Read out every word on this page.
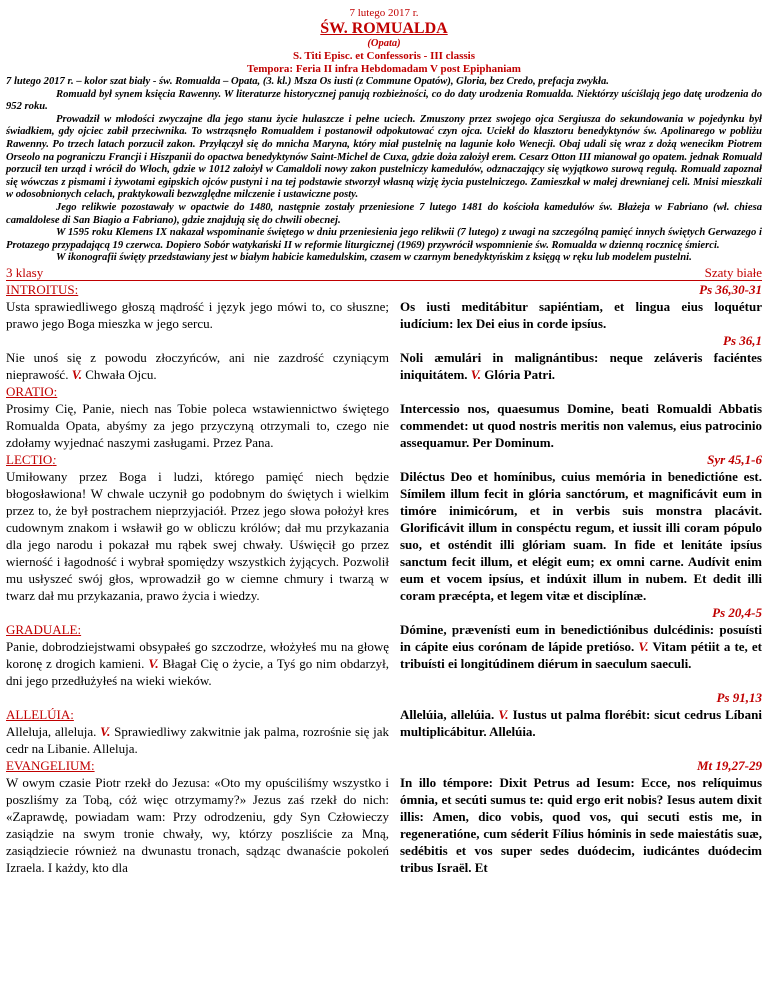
7 lutego 2017 r.
ŚW. ROMUALDA
(Opata)
S. Titi Episc. et Confessoris - III classis
Tempora: Feria II infra Hebdomadam V post Epiphaniam

7 lutego 2017 r. – kolor szat biały - św. Romualda – Opata, (3. kl.) Msza Os iusti (z Commune Opatów), Gloria, bez Credo, prefacja zwykła.

Romuald był synem księcia Rawenny. W literaturze historycznej panują rozbieżności, co do daty urodzenia Romualda. Niektórzy uściślają jego datę urodzenia do 952 roku.

Prowadził w młodości zwyczajne dla jego stanu życie hulaszcze i pełne uciech. Zmuszony przez swojego ojca Sergiusza do sekundowania w pojedynku był świadkiem, gdy ojciec zabił przeciwnika. To wstrząsnęło Romualdem i postanowił odpokutować czyn ojca. Uciekł do klasztoru benedyktynów św. Apolinarego w pobliżu Rawenny. Po trzech latach porzucił zakon. Przyłączył się do mnicha Maryna, który miał pustelnię na lagunie koło Wenecji. Obaj udali się wraz z dożą wenecikm Piotrem Orseolo na pograniczu Francji i Hiszpanii do opactwa benedyktynów Saint-Michel de Cuxa, gdzie doża założył erem. Cesarz Otton III mianował go opatem. jednak Romuald porzucił ten urząd i wrócił do Włoch, gdzie w 1012 założył w Camaldoli nowy zakon pustelniczy kamedułów, odznaczający się wyjątkowo surową regułą. Romuald zapoznał się wówczas z pismami i żywotami egipskich ojców pustyni i na tej podstawie stworzył własną wizję życia pustelniczego. Zamieszkał w małej drewnianej celi. Mnisi mieszkali w odosobnionych celach, praktykowali bezwzględne milczenie i ustawiczne posty.

Jego relikwie pozostawały w opactwie do 1480, następnie zostały przeniesione 7 lutego 1481 do kościoła kamedułów św. Błażeja w Fabriano (wł. chiesa camaldolese di San Biagio a Fabriano), gdzie znajdują się do chwili obecnej.

W 1595 roku Klemens IX nakazał wspominanie świętego w dniu przeniesienia jego relikwii (7 lutego) z uwagi na szczególną pamięć innych świętych Gerwazego i Protazego przypadającą 19 czerwca. Dopiero Sobór watykański II w reformie liturgicznej (1969) przywrócił wspomnienie św. Romualda w dzienną rocznicę śmierci.

W ikonografii święty przedstawiany jest w białym habicie kamedulskim, czasem w czarnym benedyktyńskim z księgą w ręku lub modelem pustelni.

3 klasy	Szaty białe
INTROITUS:
Usta sprawiedliwego głoszą mądrość i język jego mówi to, co słuszne; prawo jego Boga mieszka w jego sercu.
Nie unoś się z powodu złoczyńców, ani nie zazdrość czyniącym nieprawość. V. Chwała Ojcu.
Ps 36,30-31
Os iusti meditábitur sapiéntiam, et lingua eius loquétur iudícium: lex Dei eius in corde ipsíus.
Ps 36,1
Noli æmulári in malignántibus: neque zeláveris faciéntes iniquitátem. V. Glória Patri.
ORATIO:
Prosimy Cię, Panie, niech nas Tobie poleca wstawiennictwo świętego Romualda Opata, abyśmy za jego przyczyną otrzymali to, czego nie zdołamy wyjednać naszymi zasługami. Przez Pana.
Intercessio nos, quaesumus Domine, beati Romualdi Abbatis commendet: ut quod nostris meritis non valemus, eius patrocinio assequamur. Per Dominum.
LECTIO:
Umiłowany przez Boga i ludzi, którego pamięć niech będzie błogosławiona! W chwale uczynił go podobnym do świętych i wielkim przez to, że był postrachem nieprzyjaciół. Przez jego słowa położył kres cudownym znakom i wsławił go w obliczu królów; dał mu przykazania dla jego narodu i pokazał mu rąbek swej chwały. Uświęcił go przez wierność i łagodność i wybrał spomiędzy wszystkich żyjących. Pozwolił mu usłyszeć swój głos, wprowadził go w ciemne chmury i twarzą w twarz dał mu przykazania, prawo życia i wiedzy.
Syr 45,1-6
Diléctus Deo et homínibus, cuius memória in benedictióne est. Símilem illum fecit in glória sanctórum, et magnificávit eum in timóre inimicórum, et in verbis suis monstra placávit. Glorificávit illum in conspéctu regum, et iussit illi coram pópulo suo, et osténdit illi glóriam suam. In fide et lenitáte ipsíus sanctum fecit illum, et elégit eum; ex omni carne. Audívit enim eum et vocem ipsíus, et indúxit illum in nubem. Et dedit illi coram præcépta, et legem vitæ et disciplínæ.
GRADUALE:
Panie, dobrodziejstwami obsypałeś go szczodrze, włożyłeś mu na głowę koronę z drogich kamieni. V. Błagał Cię o życie, a Tyś go nim obdarzył, dni jego przedłużyłeś na wieki wieków.
Ps 20,4-5
Dómine, prævenísti eum in benedictiónibus dulcédinis: posuísti in cápite eius corónam de lápide pretióso. V. Vitam pétiit a te, et tribuísti ei longitúdinem diérum in saeculum saeculi.
ALLELÚIA:
Alleluja, alleluja. V. Sprawiedliwy zakwitnie jak palma, rozrośnie się jak cedr na Libanie. Alleluja.
Ps 91,13
Allelúia, allelúia. V. Iustus ut palma florébit: sicut cedrus Líbani multiplicábitur. Allelúia.
EVANGELIUM:
W owym czasie Piotr rzekł do Jezusa: «Oto my opuściliśmy wszystko i poszliśmy za Tobą, cóż więc otrzymamy?» Jezus zaś rzekł do nich: «Zaprawdę, powiadam wam: Przy odrodzeniu, gdy Syn Człowieczy zasiądzie na swym tronie chwały, wy, którzy poszliście za Mną, zasiądziecie również na dwunastu tronach, sądząc dwanaście pokoleń Izraela. I każdy, kto dla
Mt 19,27-29
In illo témpore: Dixit Petrus ad Iesum: Ecce, nos relíquimus ómnia, et secúti sumus te: quid ergo erit nobis? Iesus autem dixit illis: Amen, dico vobis, quod vos, qui secuti estis me, in regeneratióne, cum séderit Fílius hóminis in sede maiestátis suæ, sedébitis et vos super sedes duódecim, iudicántes duódecim tribus Israël. Et
